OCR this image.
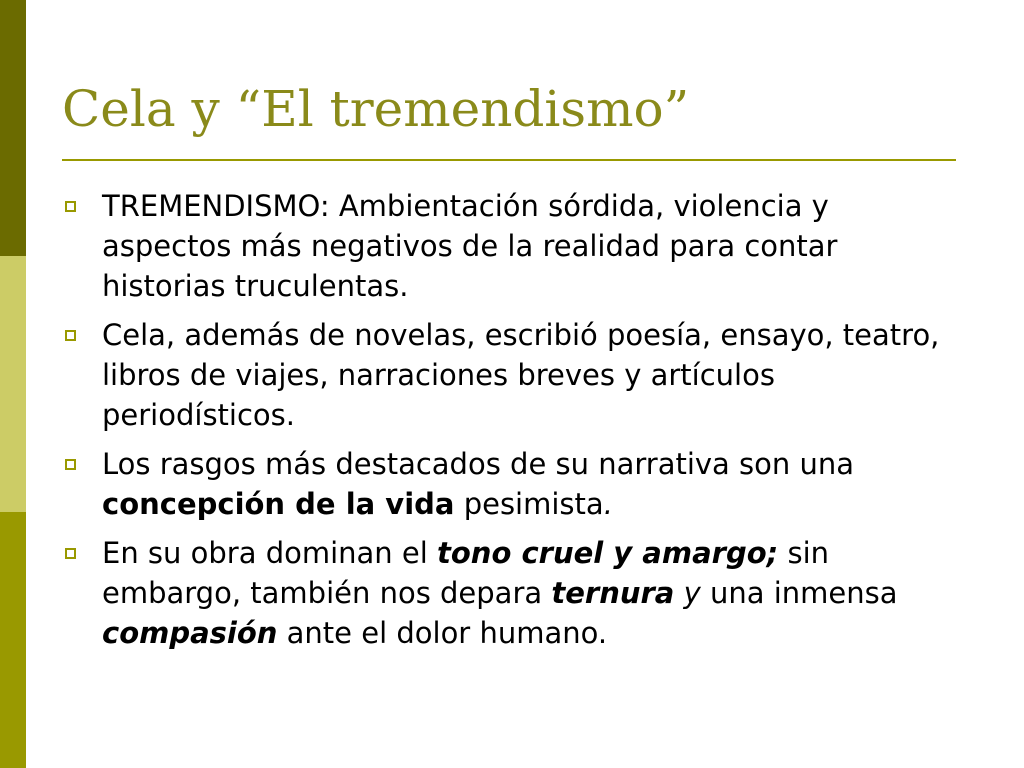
Cela y “El tremendismo”
TREMENDISMO: Ambientación sórdida, violencia y aspectos más negativos de la realidad para contar historias truculentas.
Cela, además de novelas, escribió poesía, ensayo, teatro, libros de viajes, narraciones breves y artículos periodísticos.
Los rasgos más destacados de su narrativa son una concepción de la vida pesimista.
En su obra dominan el tono cruel y amargo; sin embargo, también nos depara ternura y una inmensa compasión ante el dolor humano.
